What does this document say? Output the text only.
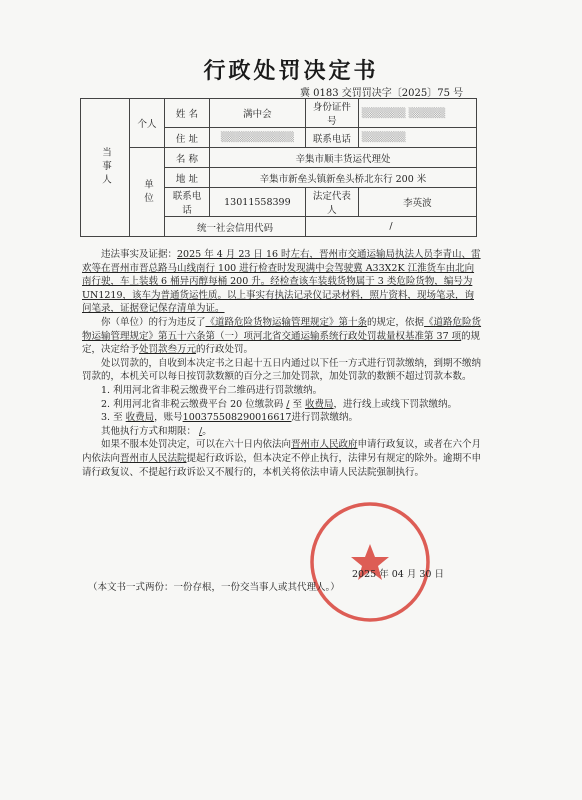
行政处罚决定书
冀 0183 交罚罚决字〔2025〕75 号
当事人	个人	姓 名	满中会	身份证件号	▒▒▒▒▒▒ ▒▒▒▒▒
		住 址	▒▒▒▒▒▒▒▒▒▒	联系电话	▒▒▒▒▒▒
	单位	名 称	辛集市顺丰货运代理处		
		地 址	辛集市新垒头镇新垒头桥北东行 200 米		
		联系电话	13011558399	法定代表人	李英波
		统一社会信用代码		/	

违法事实及证据：2025 年 4 月 23 日 16 时左右，晋州市交通运输局执法人员李青山、雷欢等在晋州市晋总路马山线南行 100 进行检查时发现满中会驾驶冀 A33X2K 江淮货车由北向南行驶，车上装载 6 桶异丙醇每桶 200 升。经检查该车装载货物属于 3 类危险货物，编号为 UN1219，该车为普通货运性质。以上事实有执法记录仪记录材料，照片资料，现场笔录，询问笔录，证据登记保存清单为证。

你（单位）的行为违反了《道路危险货物运输管理规定》第十条的规定，依据《道路危险货物运输管理规定》第五十六条第（一）项河北省交通运输系统行政处罚裁量权基准第 37 项的规定，决定给予处罚款叁万元的行政处罚。

处以罚款的，自收到本决定书之日起十五日内通过以下任一方式进行罚款缴纳，到期不缴纳罚款的，本机关可以每日按罚款数额的百分之三加处罚款，加处罚款的数额不超过罚款本数。

1. 利用河北省非税云缴费平台二维码进行罚款缴纳。

2. 利用河北省非税云缴费平台 20 位缴款码 / 至 收费局，进行线上或线下罚款缴纳。

3. 至 收费局，账号100375508290016617进行罚款缴纳。

其他执行方式和期限： /。

如果不服本处罚决定，可以在六十日内依法向晋州市人民政府申请行政复议，或者在六个月内依法向晋州市人民法院提起行政诉讼，但本决定不停止执行，法律另有规定的除外。逾期不申请行政复议、不提起行政诉讼又不履行的，本机关将依法申请人民法院强制执行。

2025 年 04 月 30 日
（本文书一式两份：一份存根，一份交当事人或其代理人。）
